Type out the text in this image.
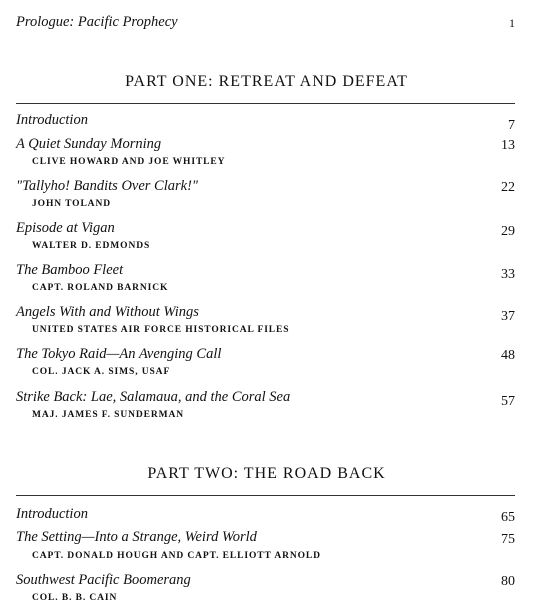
Prologue: Pacific Prophecy	1
PART ONE: RETREAT AND DEFEAT
Introduction	7
A Quiet Sunday Morning	13
CLIVE HOWARD AND JOE WHITLEY
"Tallyho! Bandits Over Clark!"	22
JOHN TOLAND
Episode at Vigan	29
WALTER D. EDMONDS
The Bamboo Fleet	33
CAPT. ROLAND BARNICK
Angels With and Without Wings	37
UNITED STATES AIR FORCE HISTORICAL FILES
The Tokyo Raid—An Avenging Call	48
COL. JACK A. SIMS, USAF
Strike Back: Lae, Salamaua, and the Coral Sea	57
MAJ. JAMES F. SUNDERMAN
PART TWO: THE ROAD BACK
Introduction	65
The Setting—Into a Strange, Weird World	75
CAPT. DONALD HOUGH AND CAPT. ELLIOTT ARNOLD
Southwest Pacific Boomerang	80
COL. B. B. CAIN
